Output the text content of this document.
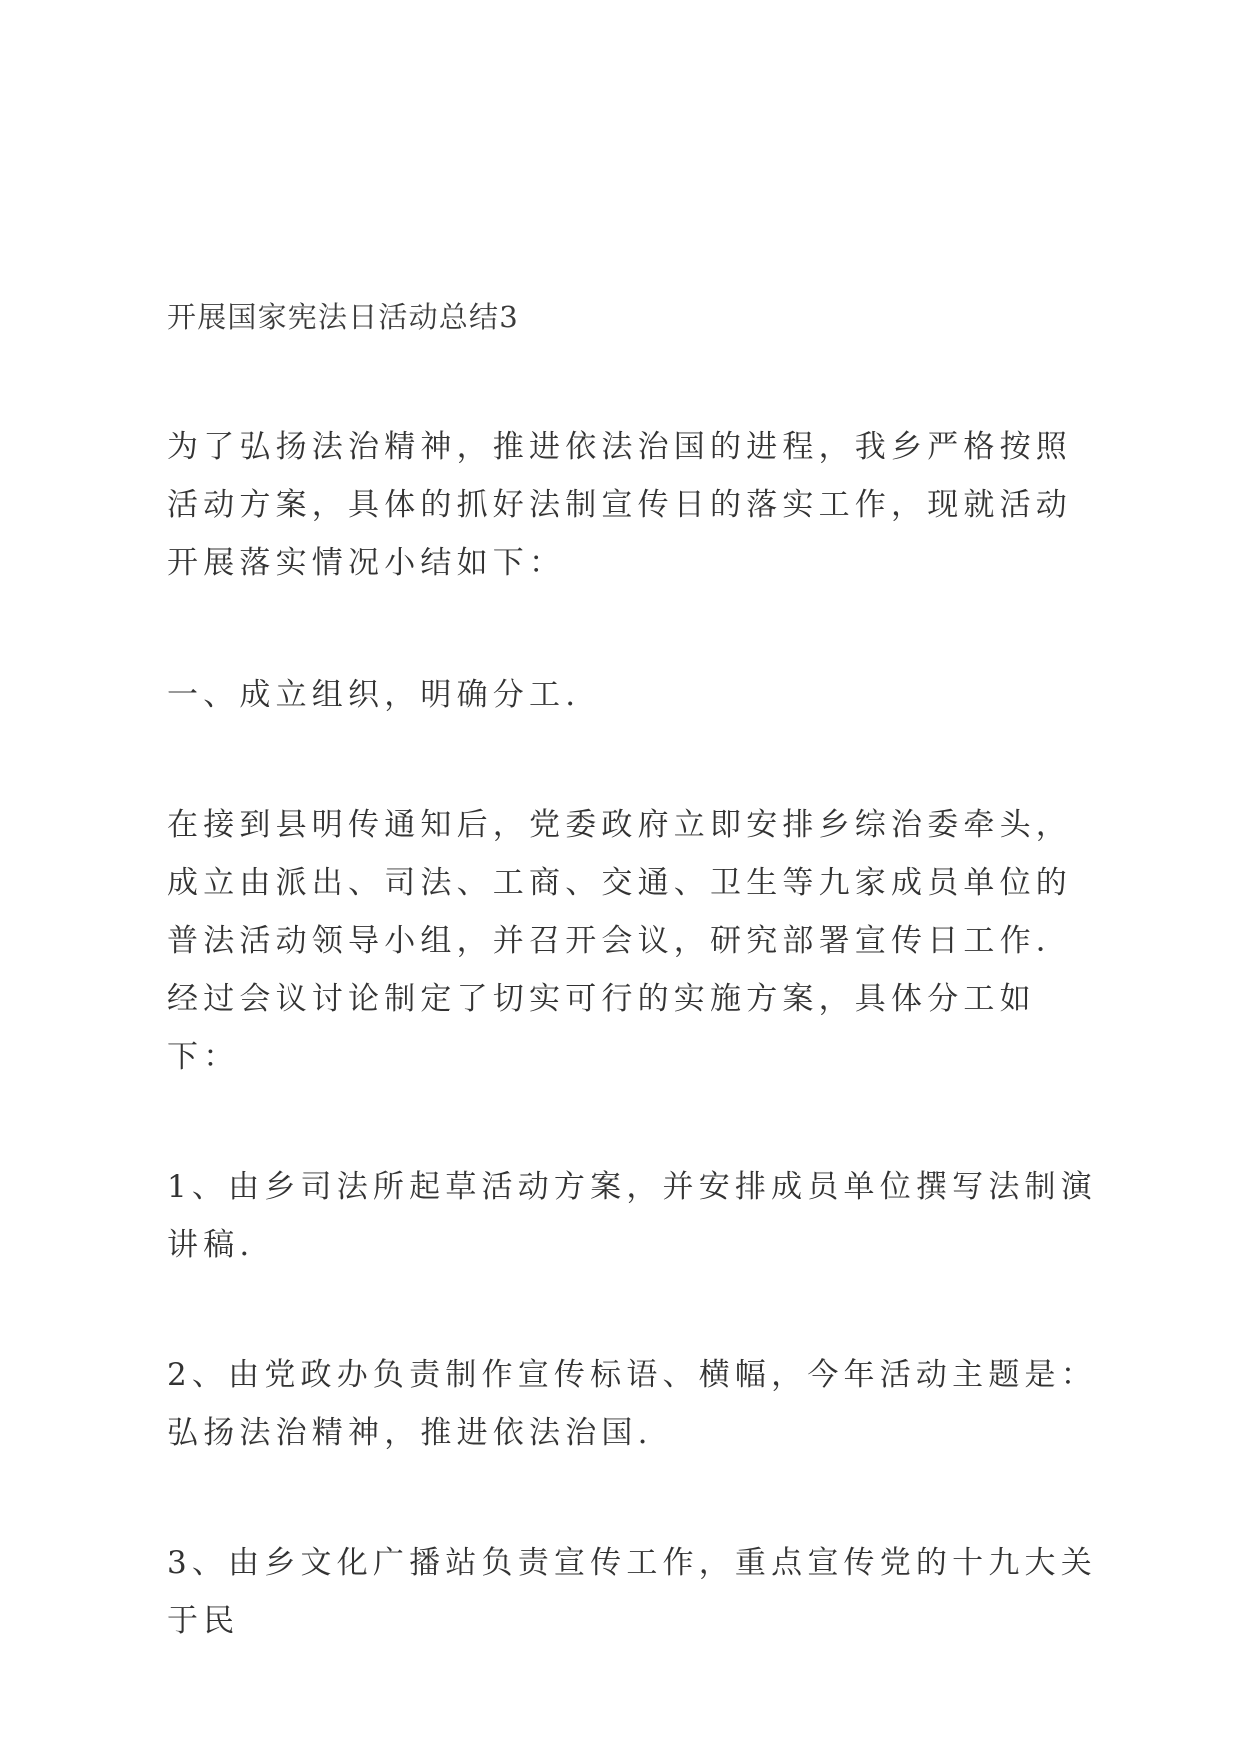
开展国家宪法日活动总结3

为了弘扬法治精神，推进依法治国的进程，我乡严格按照活动方案，具体的抓好法制宣传日的落实工作，现就活动开展落实情况小结如下：

一、成立组织，明确分工.

在接到县明传通知后，党委政府立即安排乡综治委牵头，成立由派出、司法、工商、交通、卫生等九家成员单位的普法活动领导小组，并召开会议，研究部署宣传日工作．经过会议讨论制定了切实可行的实施方案，具体分工如下：

1、由乡司法所起草活动方案，并安排成员单位撰写法制演讲稿.

2、由党政办负责制作宣传标语、横幅，今年活动主题是：弘扬法治精神，推进依法治国.

3、由乡文化广播站负责宣传工作，重点宣传党的十九大关于民
